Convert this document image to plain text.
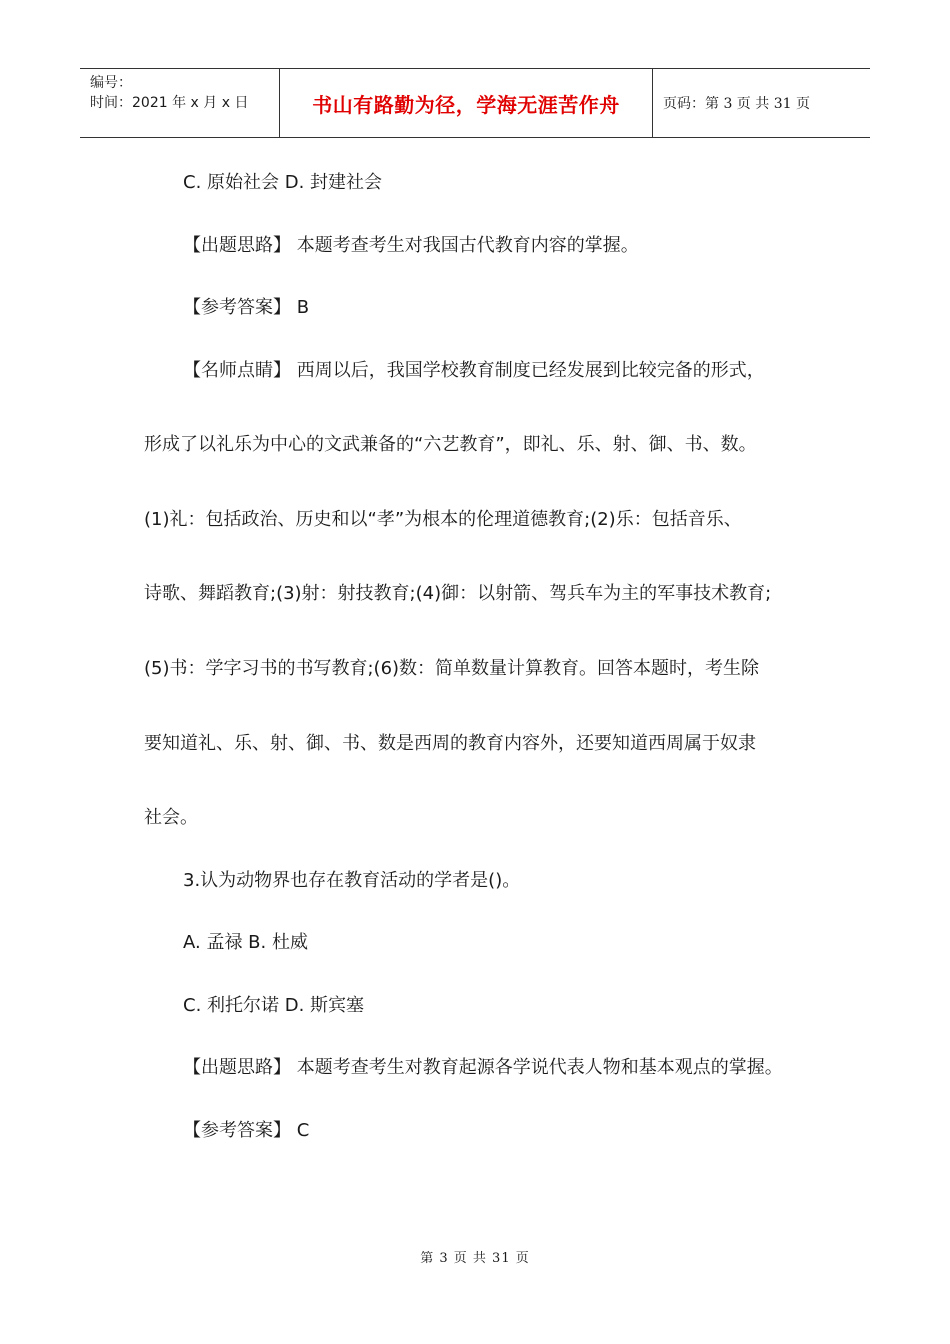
编号：
时间：2021 年 x 月 x 日	书山有路勤为径，学海无涯苦作舟	页码：第 3 页 共 31 页
C. 原始社会 D. 封建社会
【出题思路】 本题考查考生对我国古代教育内容的掌握。
【参考答案】 B
【名师点睛】 西周以后，我国学校教育制度已经发展到比较完备的形式，
形成了以礼乐为中心的文武兼备的“六艺教育”，即礼、乐、射、御、书、数。
(1)礼：包括政治、历史和以“孝”为根本的伦理道德教育;(2)乐：包括音乐、
诗歌、舞蹈教育;(3)射：射技教育;(4)御：以射箭、驾兵车为主的军事技术教育;
(5)书：学字习书的书写教育;(6)数：简单数量计算教育。回答本题时，考生除
要知道礼、乐、射、御、书、数是西周的教育内容外，还要知道西周属于奴隶
社会。
3.认为动物界也存在教育活动的学者是()。
A. 孟禄 B. 杜威
C. 利托尔诺 D. 斯宾塞
【出题思路】 本题考查考生对教育起源各学说代表人物和基本观点的掌握。
【参考答案】 C
第 3 页 共 31 页
